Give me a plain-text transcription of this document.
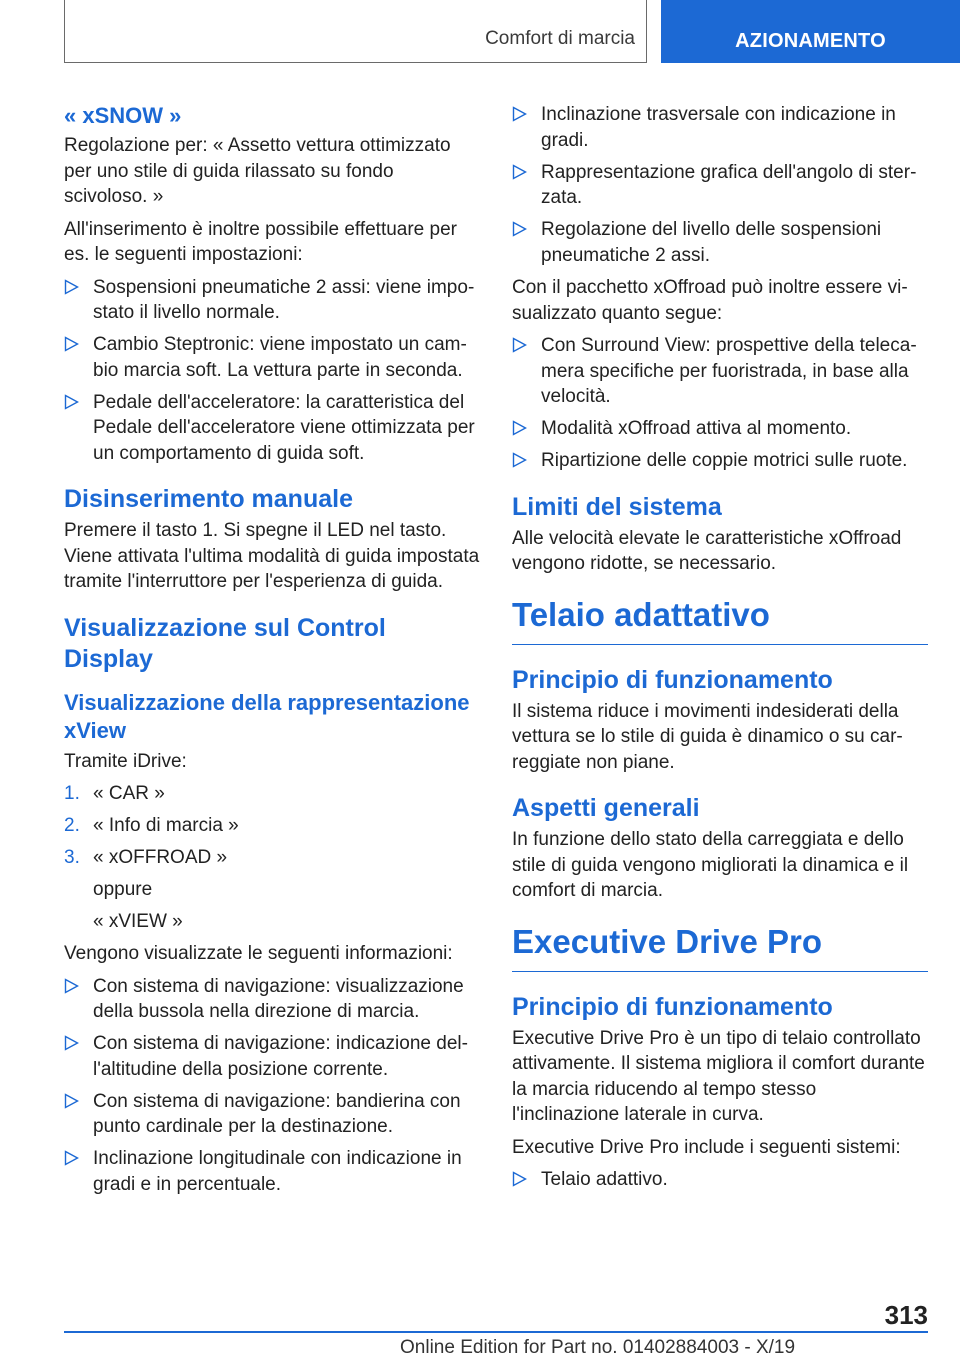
Comfort di marcia	AZIONAMENTO
« xSNOW »

Regolazione per: « Assetto vettura ottimizzato per uno stile di guida rilassato su fondo scivoloso. »

All'inserimento è inoltre possibile effettuare per es. le seguenti impostazioni:

Sospensioni pneumatiche 2 assi: viene impo-stato il livello normale.
Cambio Steptronic: viene impostato un cam-bio marcia soft. La vettura parte in seconda.
Pedale dell'acceleratore: la caratteristica del Pedale dell'acceleratore viene ottimizzata per un comportamento di guida soft.
Disinserimento manuale

Premere il tasto 1. Si spegne il LED nel tasto. Viene attivata l'ultima modalità di guida impostata tramite l'interruttore per l'esperienza di guida.

Visualizzazione sul Control Display
Visualizzazione della rappresentazione xView

Tramite iDrive:

1. « CAR »
2. « Info di marcia »
3. « xOFFROAD »

oppure

« xVIEW »

Vengono visualizzate le seguenti informazioni:

Con sistema di navigazione: visualizzazione della bussola nella direzione di marcia.
Con sistema di navigazione: indicazione del-l'altitudine della posizione corrente.
Con sistema di navigazione: bandierina con punto cardinale per la destinazione.
Inclinazione longitudinale con indicazione in gradi e in percentuale.
Inclinazione trasversale con indicazione in gradi.
Rappresentazione grafica dell'angolo di ster-zata.
Regolazione del livello delle sospensioni pneumatiche 2 assi.

Con il pacchetto xOffroad può inoltre essere vi-sualizzato quanto segue:

Con Surround View: prospettive della teleca-mera specifiche per fuoristrada, in base alla velocità.
Modalità xOffroad attiva al momento.
Ripartizione delle coppie motrici sulle ruote.
Limiti del sistema

Alle velocità elevate le caratteristiche xOffroad vengono ridotte, se necessario.

Telaio adattativo
Principio di funzionamento

Il sistema riduce i movimenti indesiderati della vettura se lo stile di guida è dinamico o su car-reggiate non piane.

Aspetti generali

In funzione dello stato della carreggiata e dello stile di guida vengono migliorati la dinamica e il comfort di marcia.

Executive Drive Pro
Principio di funzionamento

Executive Drive Pro è un tipo di telaio controllato attivamente. Il sistema migliora il comfort durante la marcia riducendo al tempo stesso l'inclinazione laterale in curva.

Executive Drive Pro include i seguenti sistemi:

Telaio adattivo.
313
Online Edition for Part no. 01402884003 - X/19
